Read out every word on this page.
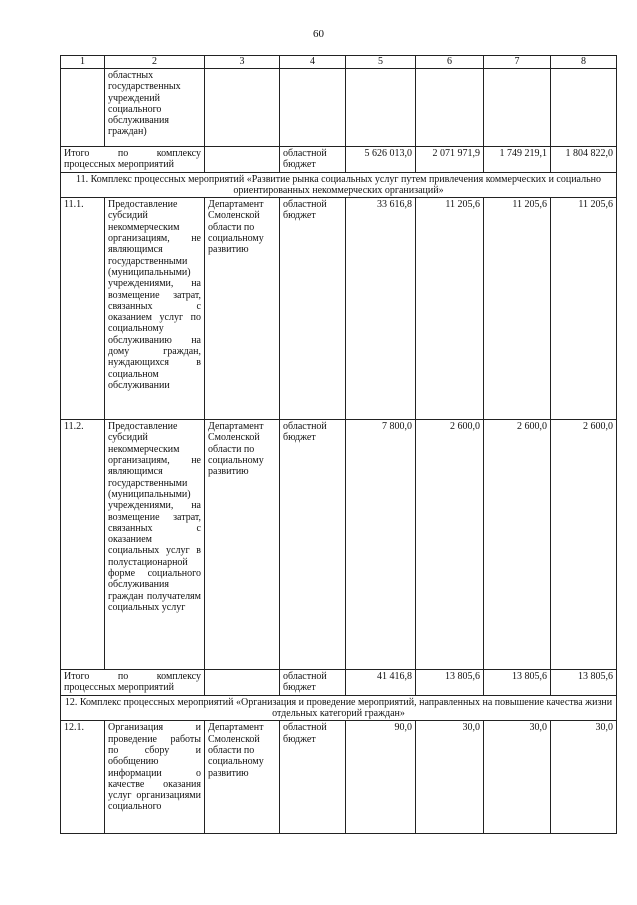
60
1	2	3	4	5	6	7	8
	областных государственных учреждений социального обслуживания граждан)						
Итого по комплексу процессных мероприятий			областной бюджет	5 626 013,0	2 071 971,9	1 749 219,1	1 804 822,0
11. Комплекс процессных мероприятий «Развитие рынка социальных услуг путем привлечения коммерческих и социально ориентированных некоммерческих организаций»							
11.1.	Предоставление субсидий некоммерческим организациям, не являющимся государственными (муниципальными) учреждениями, на возмещение затрат, связанных с оказанием услуг по социальному обслуживанию на дому граждан, нуждающихся в социальном обслуживании	Департамент Смоленской области по социальному развитию	областной бюджет	33 616,8	11 205,6	11 205,6	11 205,6
11.2.	Предоставление субсидий некоммерческим организациям, не являющимся государственными (муниципальными) учреждениями, на возмещение затрат, связанных с оказанием социальных услуг в полустационарной форме социального обслуживания граждан получателям социальных услуг	Департамент Смоленской области по социальному развитию	областной бюджет	7 800,0	2 600,0	2 600,0	2 600,0
Итого по комплексу процессных мероприятий			областной бюджет	41 416,8	13 805,6	13 805,6	13 805,6
12. Комплекс процессных мероприятий «Организация и проведение мероприятий, направленных на повышение качества жизни отдельных категорий граждан»							
12.1.	Организация и проведение работы по сбору и обобщению информации о качестве оказания услуг организациями социального	Департамент Смоленской области по социальному развитию	областной бюджет	90,0	30,0	30,0	30,0
